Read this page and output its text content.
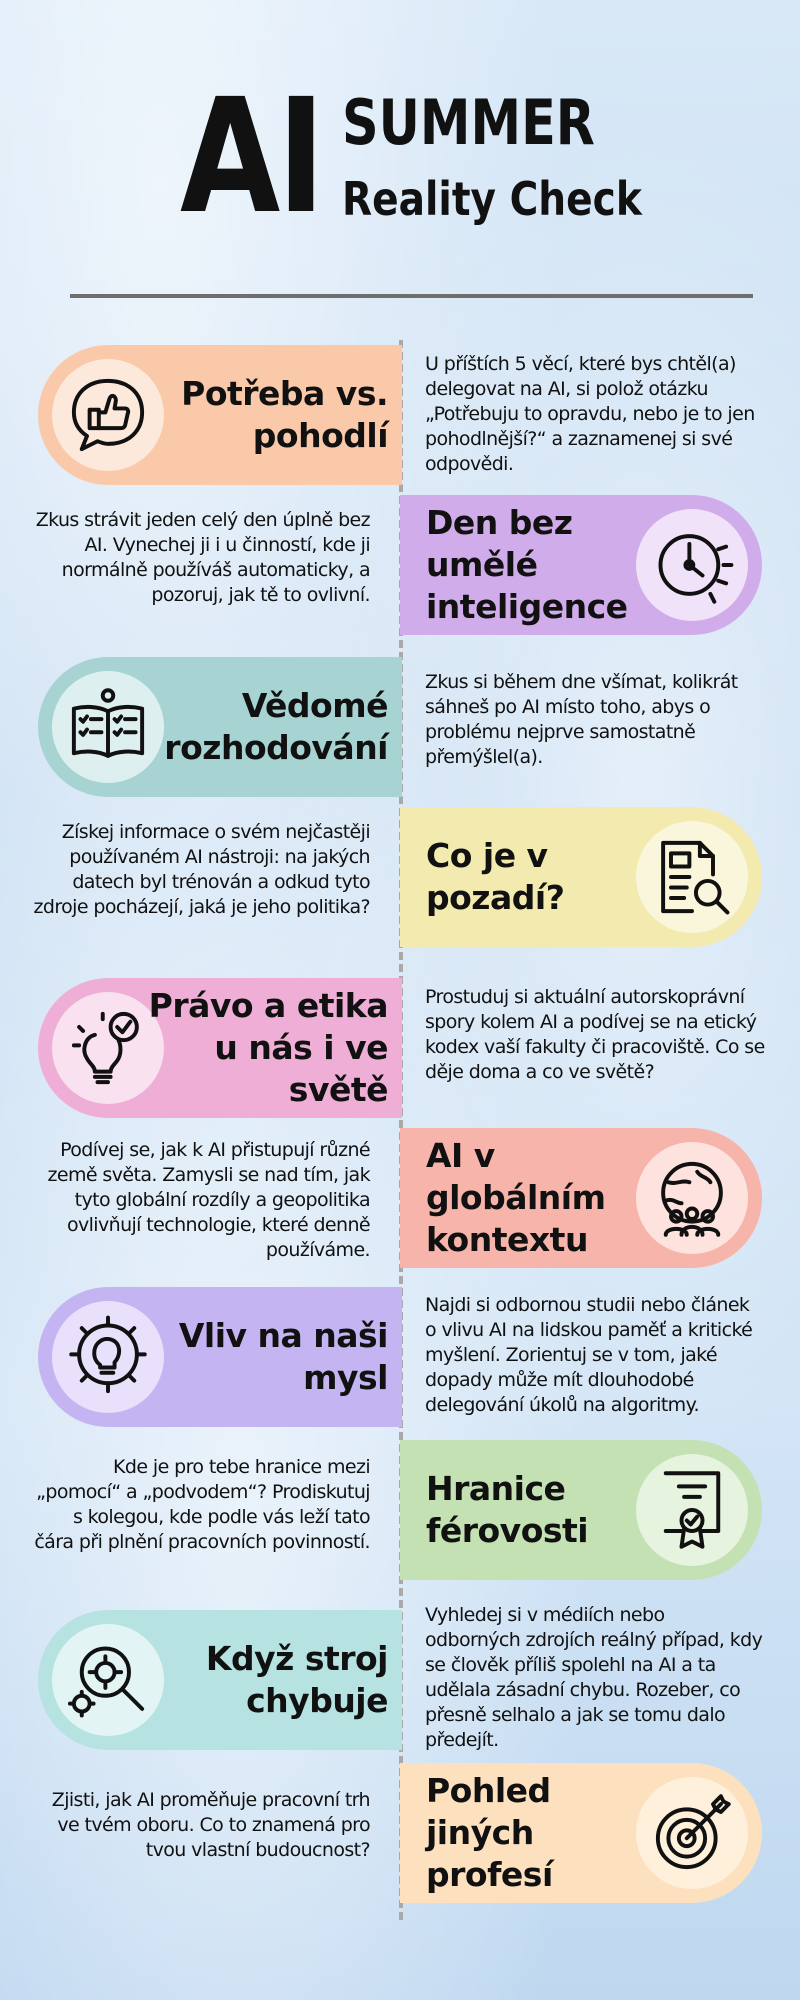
AI SUMMER
Reality Check
Potřeba vs. pohodlí
U příštích 5 věcí, které bys chtěl(a) delegovat na AI, si polož otázku „Potřebuju to opravdu, nebo je to jen pohodlnější?“ a zaznamenej si své odpovědi.
Den bez umělé inteligence
Zkus strávit jeden celý den úplně bez AI. Vynechej ji i u činností, kde ji normálně používáš automaticky, a pozoruj, jak tě to ovlivní.
Vědomé rozhodování
Zkus si během dne všímat, kolikrát sáhneš po AI místo toho, abys o problému nejprve samostatně přemýšlel(a).
Co je v pozadí?
Získej informace o svém nejčastěji používaném AI nástroji: na jakých datech byl trénován a odkud tyto zdroje pocházejí, jaká je jeho politika?
Právo a etika u nás i ve světě
Prostuduj si aktuální autorskoprávní spory kolem AI a podívej se na etický kodex vaší fakulty či pracoviště. Co se děje doma a co ve světě?
AI v globálním kontextu
Podívej se, jak k AI přistupují různé země světa. Zamysli se nad tím, jak tyto globální rozdíly a geopolitika ovlivňují technologie, které denně používáme.
Vliv na naši mysl
Najdi si odbornou studii nebo článek o vlivu AI na lidskou paměť a kritické myšlení. Zorientuj se v tom, jaké dopady může mít dlouhodobé delegování úkolů na algoritmy.
Hranice férovosti
Kde je pro tebe hranice mezi „pomocí“ a „podvodem“? Prodiskutuj s kolegou, kde podle vás leží tato čára při plnění pracovních povinností.
Když stroj chybuje
Vyhledej si v médiích nebo odborných zdrojích reálný případ, kdy se člověk příliš spolehl na AI a ta udělala zásadní chybu. Rozeber, co přesně selhalo a jak se tomu dalo předejít.
Pohled jiných profesí
Zjisti, jak AI proměňuje pracovní trh ve tvém oboru. Co to znamená pro tvou vlastní budoucnost?
